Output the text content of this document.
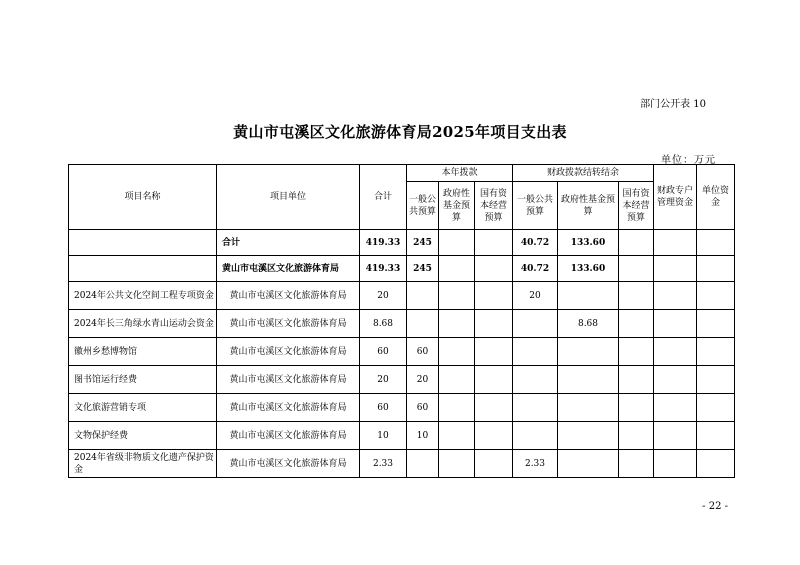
部门公开表 10
黄山市屯溪区文化旅游体育局2025年项目支出表
单位：万元
项目名称	项目单位	合计	本年拨款			财政拨款结转结余			财政专户管理资金	单位资金
			一般公共预算	政府性基金预算	国有资本经营预算	一般公共预算	政府性基金预算	国有资本经营预算		
	合计	419.33	245			40.72	133.60			
	黄山市屯溪区文化旅游体育局	419.33	245			40.72	133.60			
2024年公共文化空间工程专项资金	黄山市屯溪区文化旅游体育局	20				20				
2024年长三角绿水青山运动会资金	黄山市屯溪区文化旅游体育局	8.68					8.68			
徽州乡愁博物馆	黄山市屯溪区文化旅游体育局	60	60							
图书馆运行经费	黄山市屯溪区文化旅游体育局	20	20							
文化旅游营销专项	黄山市屯溪区文化旅游体育局	60	60							
文物保护经费	黄山市屯溪区文化旅游体育局	10	10							
2024年省级非物质文化遗产保护资金	黄山市屯溪区文化旅游体育局	2.33				2.33				
- 22 -
